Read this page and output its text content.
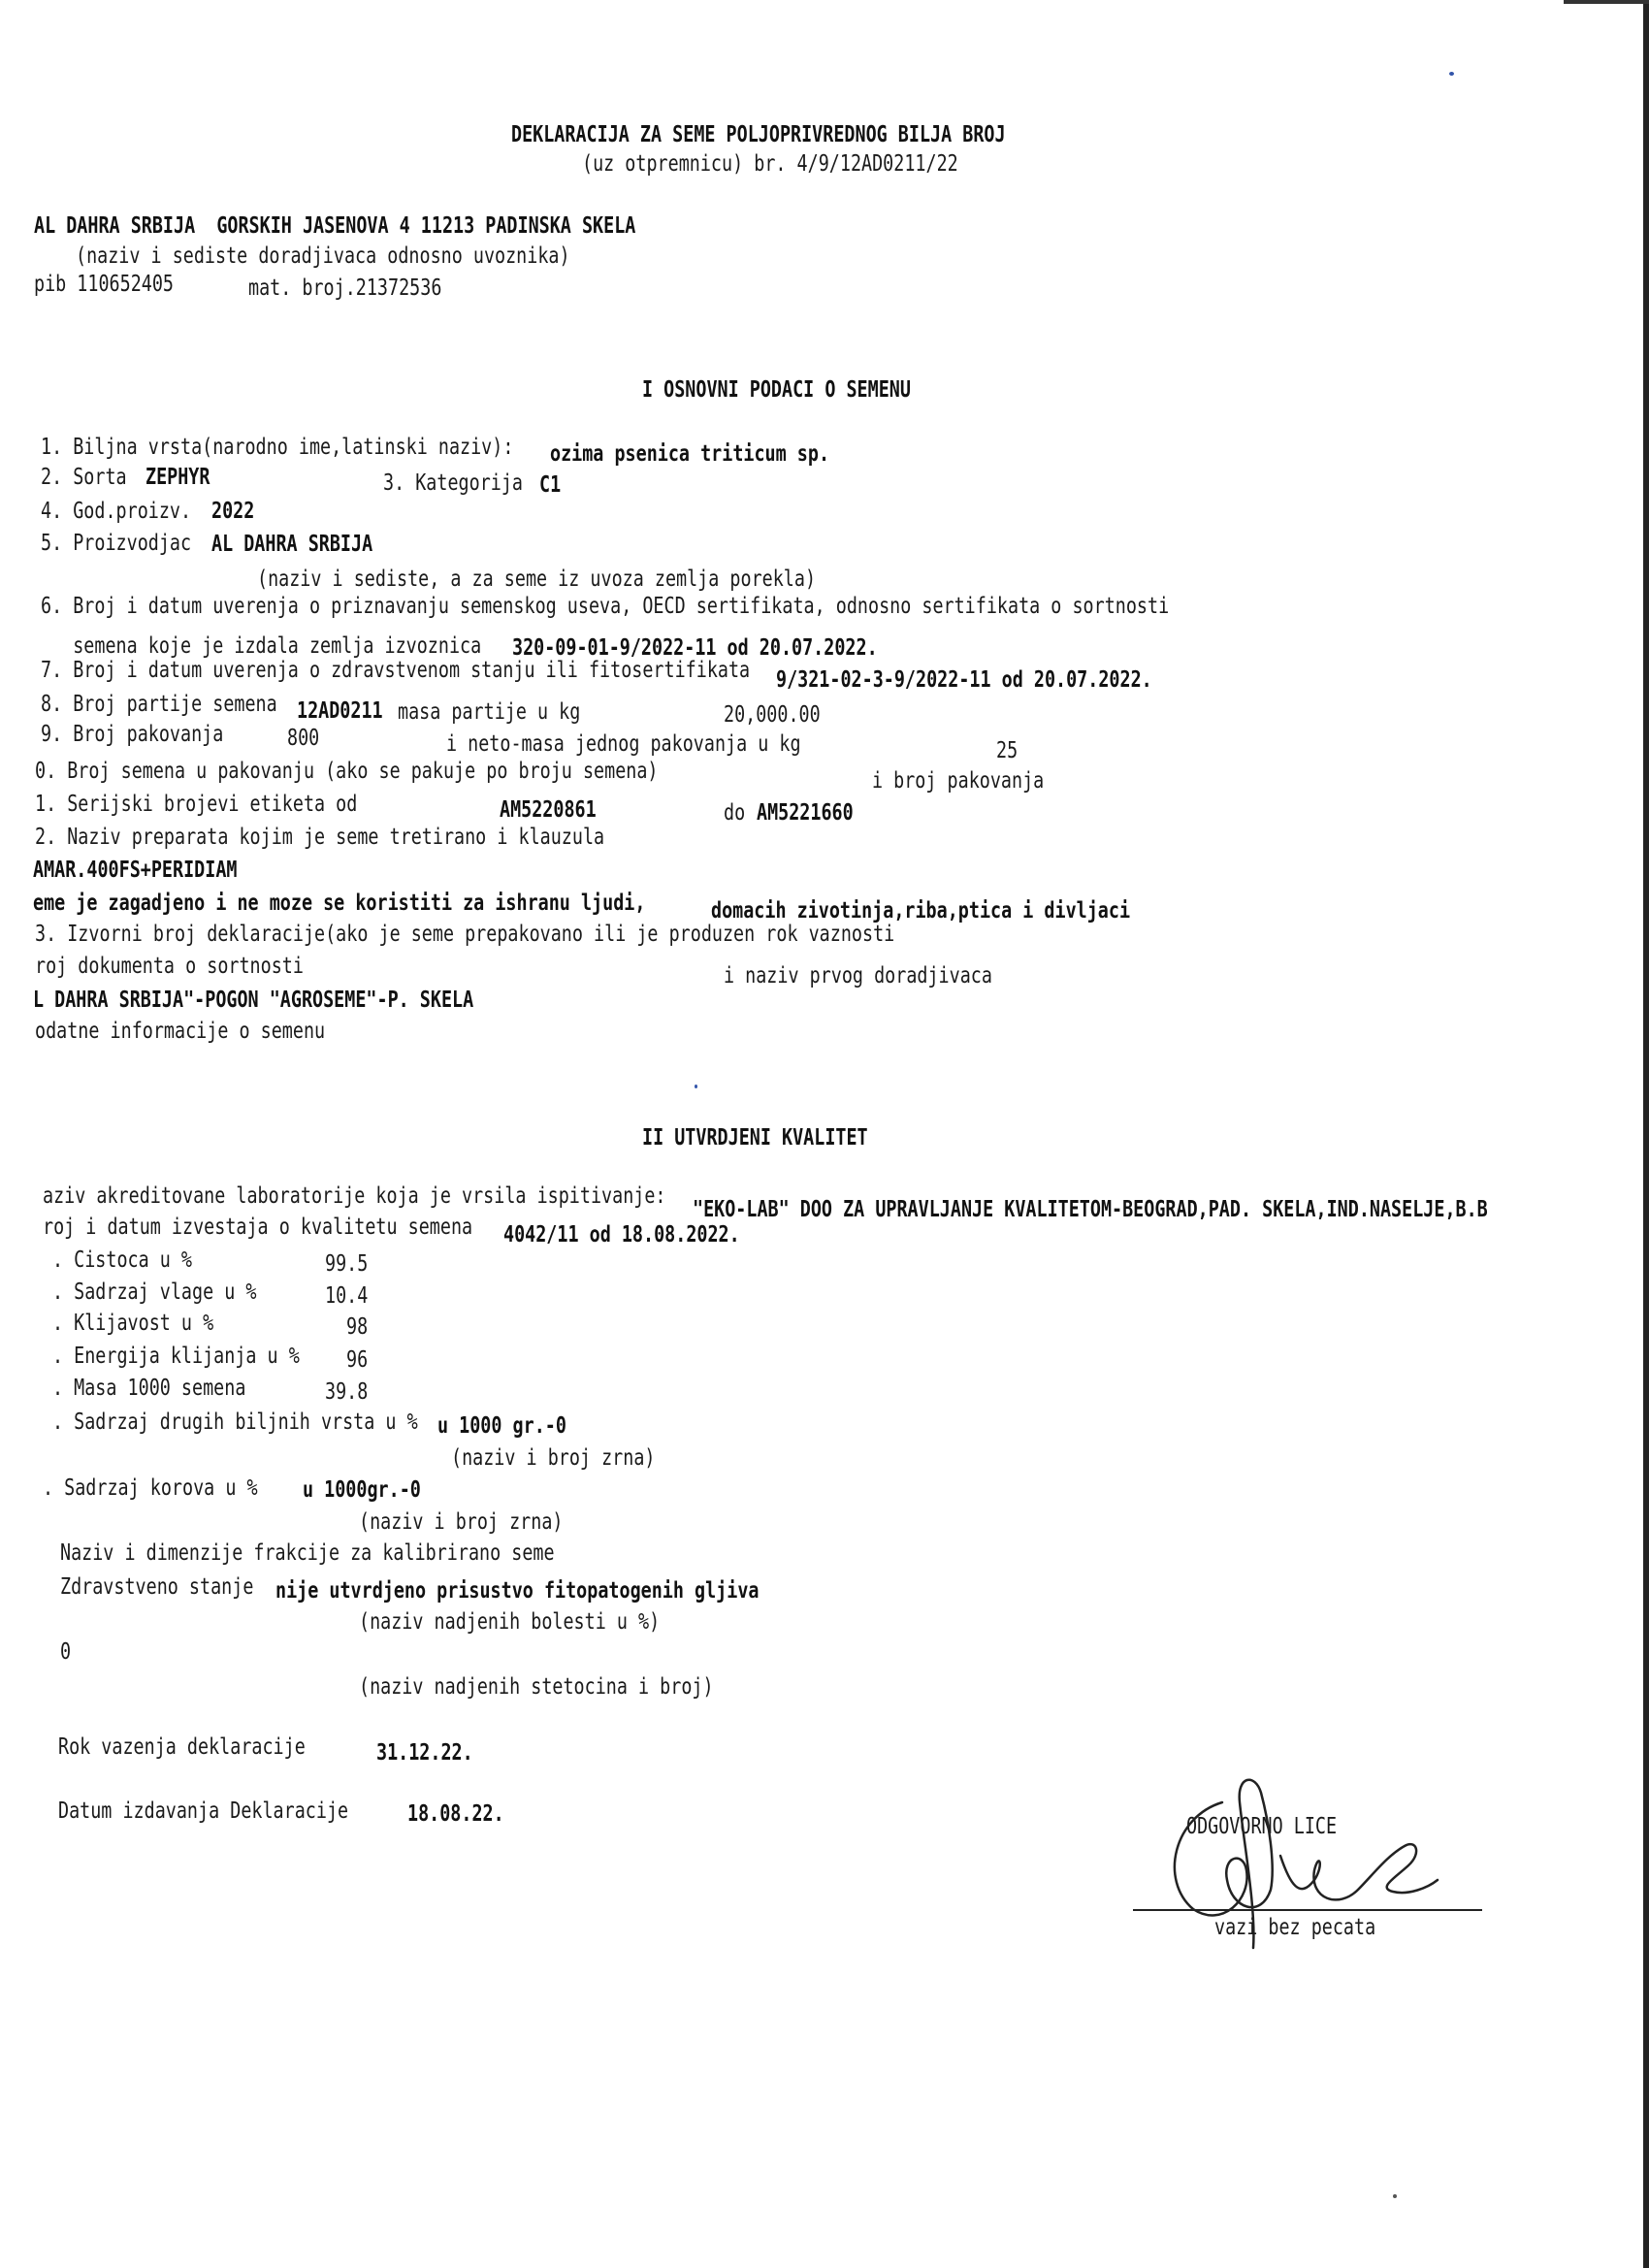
DEKLARACIJA ZA SEME POLJOPRIVREDNOG BILJA BROJ
(uz otpremnicu) br. 4/9/12AD0211/22
AL DAHRA SRBIJA  GORSKIH JASENOVA 4 11213 PADINSKA SKELA
(naziv i sediste doradjivaca odnosno uvoznika)
pib 110652405	mat. broj.21372536
I OSNOVNI PODACI O SEMENU
1. Biljna vrsta(narodno ime,latinski naziv): ozima psenica triticum sp.
2. Sorta ZEPHYR	3. Kategorija C1
4. God.proizv. 2022
5. Proizvodjac AL DAHRA SRBIJA
(naziv i sediste, a za seme iz uvoza zemlja porekla)
6. Broj i datum uverenja o priznavanju semenskog useva, OECD sertifikata, odnosno sertifikata o sortnosti
semena koje je izdala zemlja izvoznica 320-09-01-9/2022-11 od 20.07.2022.
7. Broj i datum uverenja o zdravstvenom stanju ili fitosertifikata 9/321-02-3-9/2022-11 od 20.07.2022.
8. Broj partije semena 12AD0211 masa partije u kg	20,000.00
9. Broj pakovanja	800	i neto-masa jednog pakovanja u kg	25
0. Broj semena u pakovanju (ako se pakuje po broju semena)	i broj pakovanja
1. Serijski brojevi etiketa od	AM5220861	do AM5221660
2. Naziv preparata kojim je seme tretirano i klauzula
AMAR.400FS+PERIDIAM
eme je zagadjeno i ne moze se koristiti za ishranu ljudi,	domacih zivotinja,riba,ptica i divljaci
3. Izvorni broj deklaracije(ako je seme prepakovano ili je produzen rok vaznosti
roj dokumenta o sortnosti	i naziv prvog doradjivaca
L DAHRA SRBIJA"-POGON "AGROSEME"-P. SKELA
odatne informacije o semenu
II UTVRDJENI KVALITET
aziv akreditovane laboratorije koja je vrsila ispitivanje:
"EKO-LAB" DOO ZA UPRAVLJANJE KVALITETOM-BEOGRAD,PAD. SKELA,IND.NASELJE,B.B
roj i datum izvestaja o kvalitetu semena 4042/11 od 18.08.2022.
. Cistoca u %	99.5
. Sadrzaj vlage u %	10.4
. Klijavost u %	98
. Energija klijanja u % 96
. Masa 1000 semena	39.8
. Sadrzaj drugih biljnih vrsta u % u 1000 gr.-0
(naziv i broj zrna)
. Sadrzaj korova u % u 1000gr.-0
(naziv i broj zrna)
Naziv i dimenzije frakcije za kalibrirano seme
Zdravstveno stanje nije utvrdjeno prisustvo fitopatogenih gljiva
(naziv nadjenih bolesti u %)
0
(naziv nadjenih stetocina i broj)
Rok vazenja deklaracije	31.12.22.
Datum izdavanja Deklaracije	18.08.22.	ODGOVORNO LICE
vazi bez pecata
